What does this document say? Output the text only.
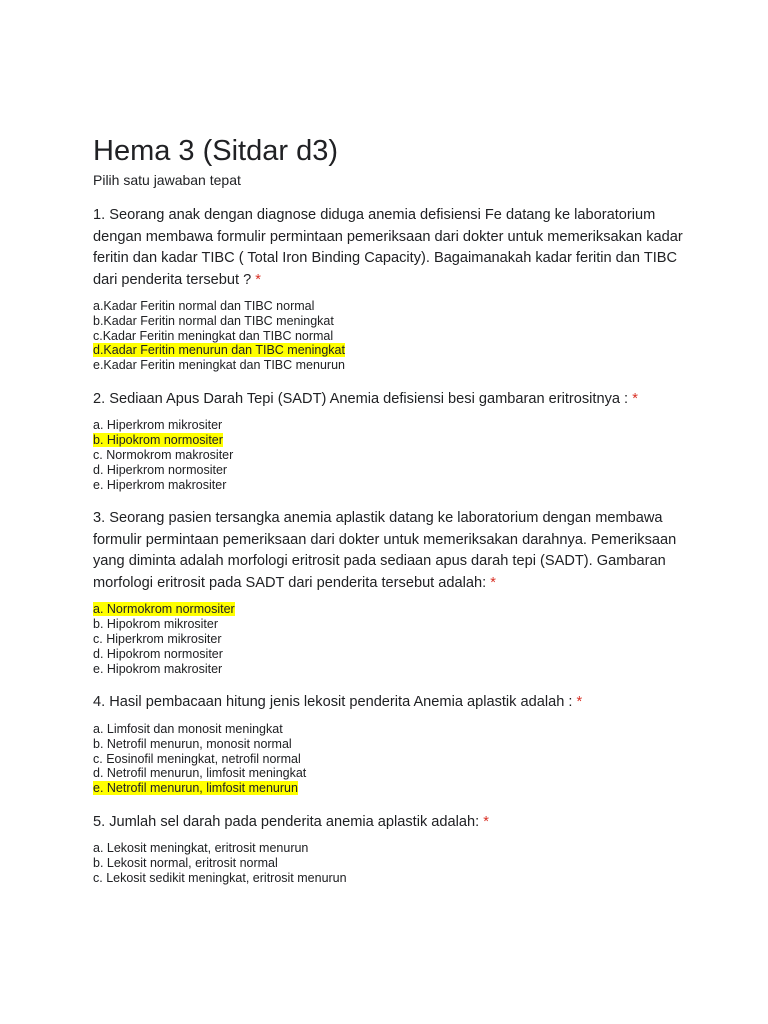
Hema 3 (Sitdar d3)

Pilih satu jawaban tepat

1. Seorang anak dengan diagnose diduga anemia defisiensi Fe datang ke laboratorium dengan membawa formulir permintaan pemeriksaan dari dokter untuk memeriksakan kadar feritin dan kadar TIBC ( Total Iron Binding Capacity). Bagaimanakah kadar feritin dan TIBC dari penderita tersebut ? *

a.Kadar Feritin normal dan TIBC normal
b.Kadar Feritin normal dan TIBC meningkat
c.Kadar Feritin meningkat dan TIBC normal
d.Kadar Feritin menurun dan TIBC meningkat
e.Kadar Feritin meningkat dan TIBC menurun

2. Sediaan Apus Darah Tepi (SADT) Anemia defisiensi besi gambaran eritrositnya : *

a. Hiperkrom mikrositer
b. Hipokrom normositer
c. Normokrom makrositer
d. Hiperkrom normositer
e. Hiperkrom makrositer

3. Seorang pasien tersangka anemia aplastik datang ke laboratorium dengan membawa formulir permintaan pemeriksaan dari dokter untuk memeriksakan darahnya. Pemeriksaan yang diminta adalah morfologi eritrosit pada sediaan apus darah tepi (SADT). Gambaran morfologi eritrosit pada SADT dari penderita tersebut adalah: *

a. Normokrom normositer
b. Hipokrom mikrositer
c. Hiperkrom mikrositer
d. Hipokrom normositer
e. Hipokrom makrositer

4. Hasil pembacaan hitung jenis lekosit penderita Anemia aplastik adalah : *

a. Limfosit dan monosit meningkat
b. Netrofil menurun, monosit normal
c. Eosinofil meningkat, netrofil normal
d. Netrofil menurun, limfosit meningkat
e. Netrofil menurun, limfosit menurun

5. Jumlah sel darah pada penderita anemia aplastik adalah: *

a. Lekosit meningkat, eritrosit menurun
b. Lekosit normal, eritrosit normal
c. Lekosit sedikit meningkat, eritrosit menurun
